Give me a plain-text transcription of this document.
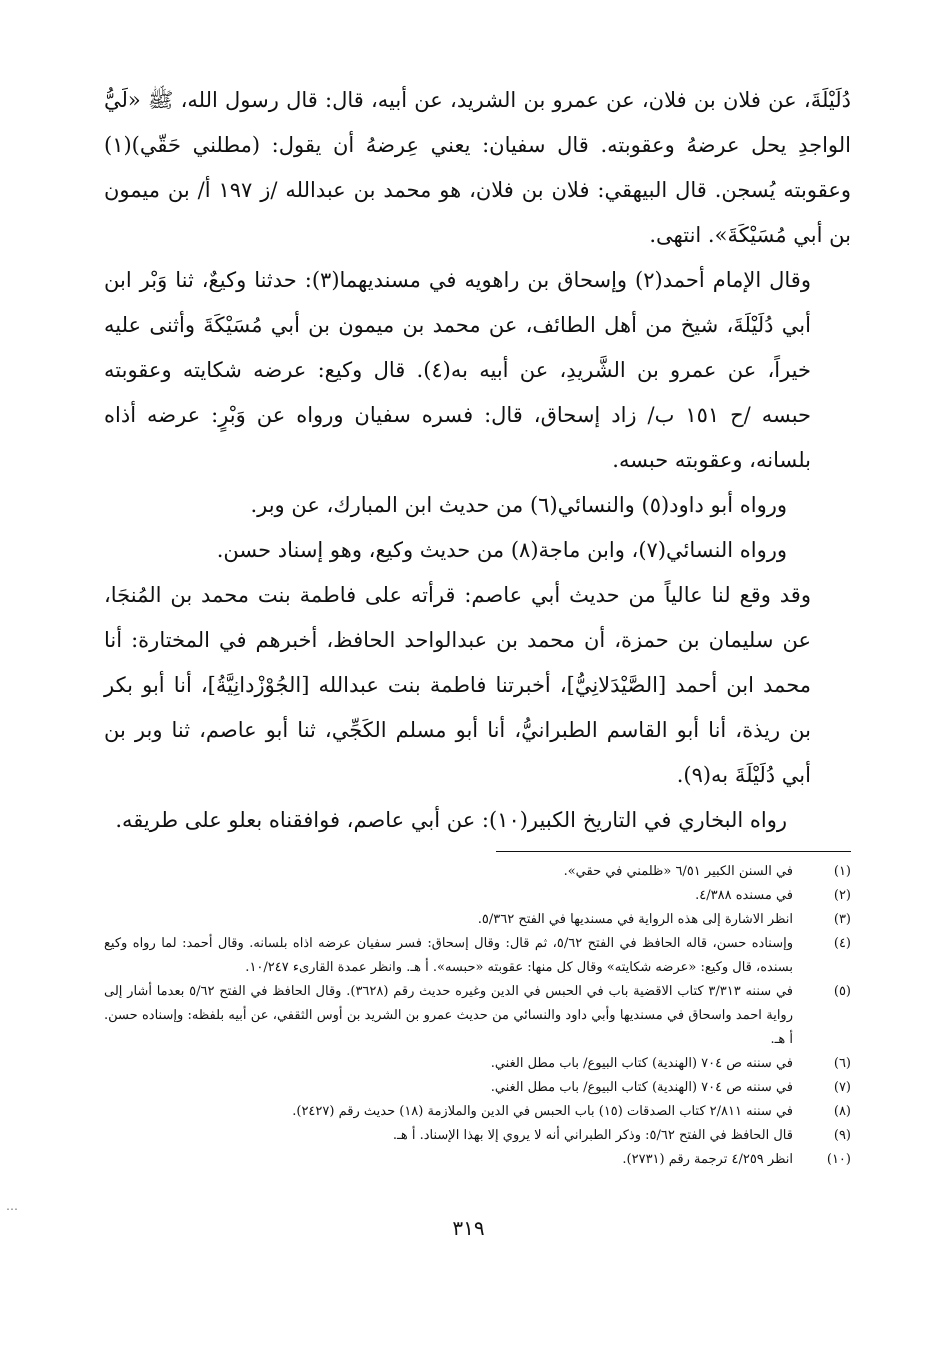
دُلَيْلَةَ، عن فلان بن فلان، عن عمرو بن الشريد، عن أبيه، قال: قال رسول الله، ﷺ «لَيُّ الواجدِ يحل عرضهُ وعقوبته. قال سفيان: يعني عِرضهُ أن يقول: (مطلني حَقّي)(١) وعقوبته يُسجن. قال البيهقي: فلان بن فلان، هو محمد بن عبدالله /ز ١٩٧ أ/ بن ميمون بن أبي مُسَيْكَةَ». انتهى.

وقال الإمام أحمد(٢) وإسحاق بن راهويه في مسنديهما(٣): حدثنا وكيعٌ، ثنا وَبْر ابن أبي دُلَيْلَةَ، شيخ من أهل الطائف، عن محمد بن ميمون بن أبي مُسَيْكَةَ وأثنى عليه خيراً، عن عمرو بن الشَّريدِ، عن أبيه به(٤). قال وكيع: عرضه شكايته وعقوبته حبسه /ح ١٥١ ب/ زاد إسحاق، قال: فسره سفيان ورواه عن وَبْرٍ: عرضه أذاه بلسانه، وعقوبته حبسه.

ورواه أبو داود(٥) والنسائي(٦) من حديث ابن المبارك، عن وبر.

ورواه النسائي(٧)، وابن ماجة(٨) من حديث وكيع، وهو إسناد حسن.

وقد وقع لنا عالياً من حديث أبي عاصم: قرأته على فاطمة بنت محمد بن المُنجَا، عن سليمان بن حمزة، أن محمد بن عبدالواحد الحافظ، أخبرهم في المختارة: أنا محمد ابن أحمد [الصَّيْدَلانِيُّ]، أخبرتنا فاطمة بنت عبدالله [الجُوْزْدانِيَّةُ]، أنا أبو بكر بن ريذة، أنا أبو القاسم الطبرانيُّ، أنا أبو مسلم الكَجِّي، ثنا أبو عاصم، ثنا وبر بن أبي دُلَيْلَةَ به(٩).

رواه البخاري في التاريخ الكبير(١٠): عن أبي عاصم، فوافقناه بعلو على طريقه.

(١)
في السنن الكبير ٦/٥١ «ظلمني في حقي».
(٢)
في مسنده ٤/٣٨٨.
(٣)
انظر الاشارة إلى هذه الرواية في مسنديها في الفتح ٥/٣٦٢.
(٤)
وإسناده حسن، قاله الحافظ في الفتح ٥/٦٢، ثم قال: وقال إسحاق: فسر سفيان عرضه اذاه بلسانه. وقال أحمد: لما رواه وكيع بسنده، قال وكيع: «عرضه شكايته» وقال كل منها: عقوبته «حبسه». أ هـ. وانظر عمدة القارىء ١٠/٢٤٧.
(٥)
في سننه ٣/٣١٣ كتاب الاقضية باب في الحبس في الدين وغيره حديث رقم (٣٦٢٨). وقال الحافظ في الفتح ٥/٦٢ بعدما أشار إلى رواية احمد واسحاق في مسنديها وأبي داود والنسائي من حديث عمرو بن الشريد بن أوس الثقفي، عن أبيه بلفظه: وإسناده حسن. أ هـ.
(٦)
في سننه ص ٧٠٤ (الهندية) كتاب البيوع/ باب مطل الغني.
(٧)
في سننه ص ٧٠٤ (الهندية) كتاب البيوع/ باب مطل الغني.
(٨)
في سننه ٢/٨١١ كتاب الصدقات (١٥) باب الحبس في الدين والملازمة (١٨) حديث رقم (٢٤٢٧).
(٩)
قال الحافظ في الفتح ٥/٦٢: وذكر الطبراني أنه لا يروي إلا بهذا الإسناد. أ هـ.
(١٠)
انظر ٤/٢٥٩ ترجمة رقم (٢٧٣١).
⋯
٣١٩
